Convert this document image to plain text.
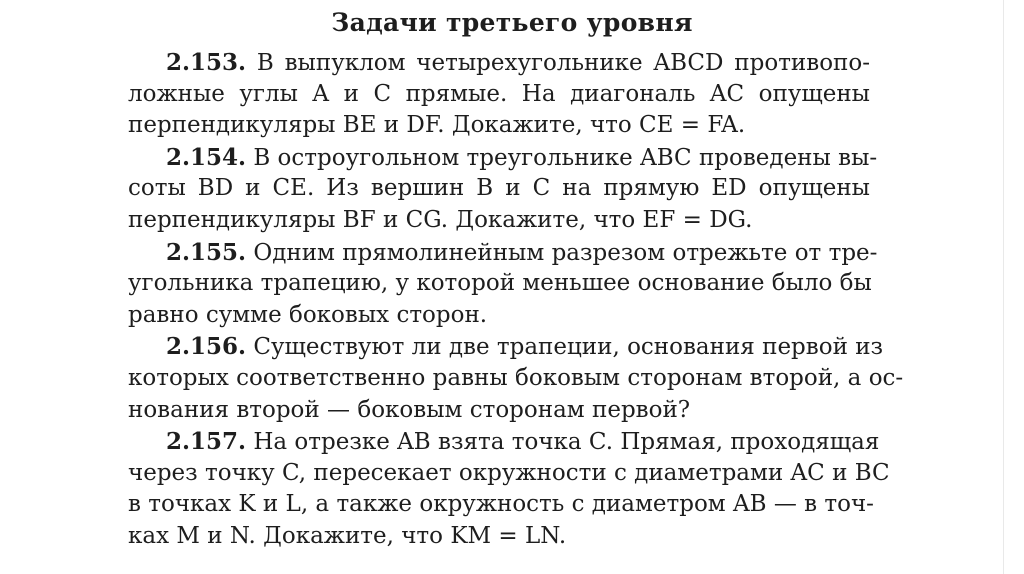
Задачи третьего уровня
2.153. В выпуклом четырехугольнике ABCD противопо-
ложные углы A и C прямые. На диагональ AC опущены
перпендикуляры BE и DF. Докажите, что CE = FA.
2.154. В остроугольном треугольнике ABC проведены вы-
соты BD и CE. Из вершин B и C на прямую ED опущены
перпендикуляры BF и CG. Докажите, что EF = DG.
2.155. Одним прямолинейным разрезом отрежьте от тре-
угольника трапецию, у которой меньшее основание было бы
равно сумме боковых сторон.
2.156. Существуют ли две трапеции, основания первой из
которых соответственно равны боковым сторонам второй, а ос-
нования второй — боковым сторонам первой?
2.157. На отрезке AB взята точка C. Прямая, проходящая
через точку C, пересекает окружности с диаметрами AC и BC
в точках K и L, а также окружность с диаметром AB — в точ-
ках M и N. Докажите, что KM = LN.
